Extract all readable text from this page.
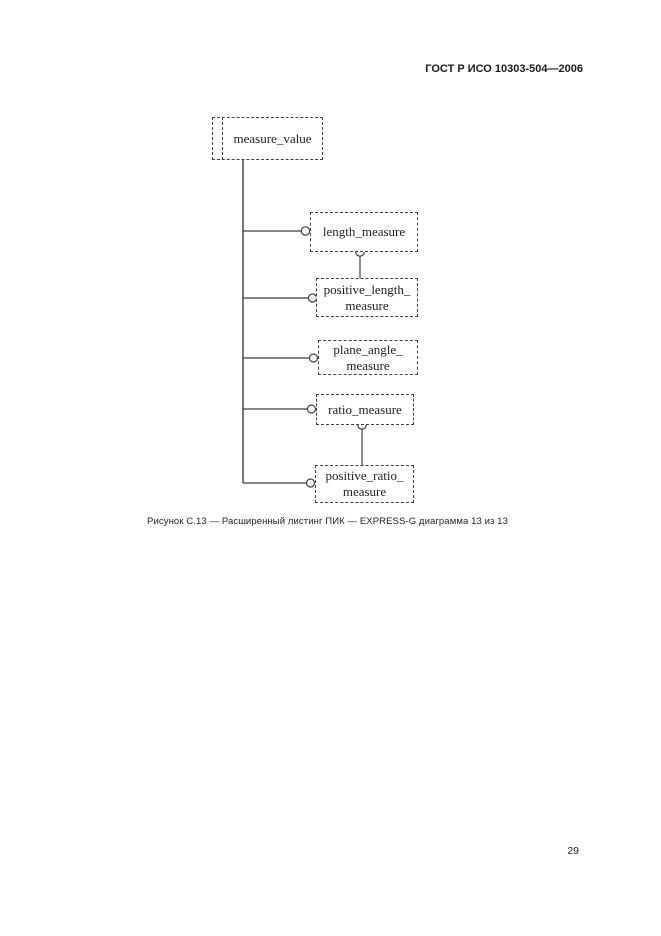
ГОСТ Р ИСО 10303-504—2006
measure_value
length_measure
positive_length_
measure
plane_angle_
measure
ratio_measure
positive_ratio_
measure
Рисунок С.13 — Расширенный листинг ПИК — EXPRESS-G диаграмма 13 из 13
29
